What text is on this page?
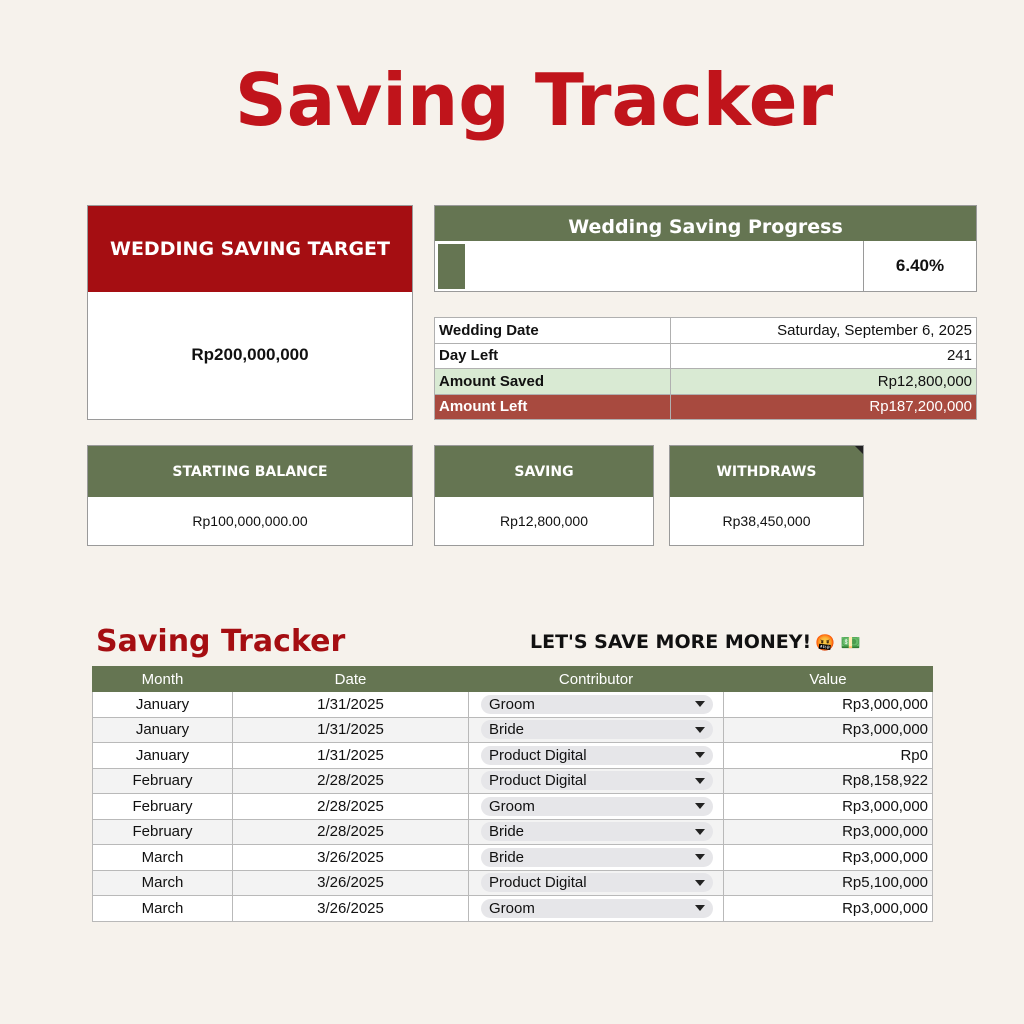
Saving Tracker
WEDDING SAVING TARGET
Rp200,000,000
Wedding Saving Progress
6.40%
Wedding Date	Saturday, September 6, 2025
Day Left	241
Amount Saved	Rp12,800,000
Amount Left	Rp187,200,000
STARTING BALANCE
Rp100,000,000.00
SAVING
Rp12,800,000
WITHDRAWS
Rp38,450,000
Saving Tracker	LET'S SAVE MORE MONEY! 🤬 💵
Month	Date	Contributor	Value
January	1/31/2025	Groom	Rp3,000,000
January	1/31/2025	Bride	Rp3,000,000
January	1/31/2025	Product Digital	Rp0
February	2/28/2025	Product Digital	Rp8,158,922
February	2/28/2025	Groom	Rp3,000,000
February	2/28/2025	Bride	Rp3,000,000
March	3/26/2025	Bride	Rp3,000,000
March	3/26/2025	Product Digital	Rp5,100,000
March	3/26/2025	Groom	Rp3,000,000
